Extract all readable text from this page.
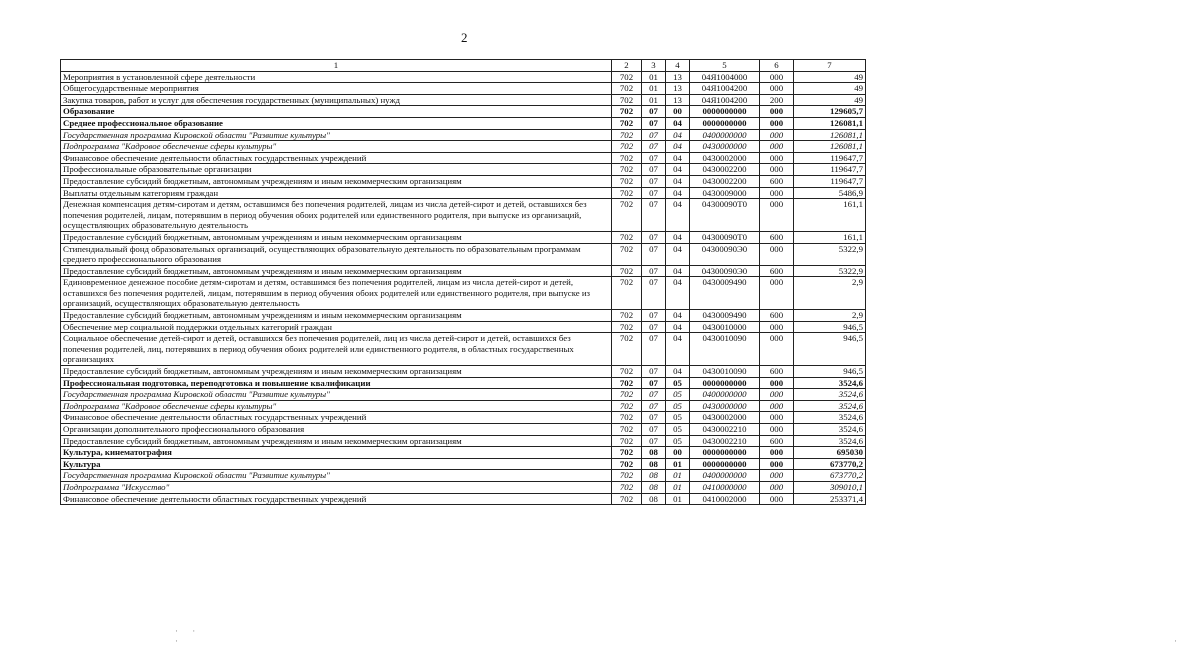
2
1	2	3	4	5	6	7
Мероприятия в установленной сфере деятельности	702	01	13	04Я1004000	000	49
Общегосударственные мероприятия	702	01	13	04Я1004200	000	49
Закупка товаров, работ и услуг для обеспечения государственных (муниципальных) нужд	702	01	13	04Я1004200	200	49
Образование	702	07	00	0000000000	000	129605,7
Среднее профессиональное образование	702	07	04	0000000000	000	126081,1
Государственная программа Кировской области "Развитие культуры"	702	07	04	0400000000	000	126081,1
Подпрограмма "Кадровое обеспечение сферы культуры"	702	07	04	0430000000	000	126081,1
Финансовое обеспечение деятельности областных государственных учреждений	702	07	04	0430002000	000	119647,7
Профессиональные образовательные организации	702	07	04	0430002200	000	119647,7
Предоставление субсидий бюджетным, автономным учреждениям и иным некоммерческим организациям	702	07	04	0430002200	600	119647,7
Выплаты отдельным категориям граждан	702	07	04	0430009000	000	5486,9
Денежная компенсация детям-сиротам и детям, оставшимся без попечения родителей, лицам из числа детей-сирот и детей, оставшихся без попечения родителей, лицам, потерявшим в период обучения обоих родителей или единственного родителя, при выпуске из организаций, осуществляющих образовательную деятельность	702	07	04	04300090Т0	000	161,1
Предоставление субсидий бюджетным, автономным учреждениям и иным некоммерческим организациям	702	07	04	04300090Т0	600	161,1
Стипендиальный фонд образовательных организаций, осуществляющих образовательную деятельность по образовательным программам среднего профессионального образования	702	07	04	04300090Э0	000	5322,9
Предоставление субсидий бюджетным, автономным учреждениям и иным некоммерческим организациям	702	07	04	04300090Э0	600	5322,9
Единовременное денежное пособие детям-сиротам и детям, оставшимся без попечения родителей, лицам из числа детей-сирот и детей, оставшихся без попечения родителей, лицам, потерявшим в период обучения обоих родителей или единственного родителя, при выпуске из организаций, осуществляющих образовательную деятельность	702	07	04	0430009490	000	2,9
Предоставление субсидий бюджетным, автономным учреждениям и иным некоммерческим организациям	702	07	04	0430009490	600	2,9
Обеспечение мер социальной поддержки отдельных категорий граждан	702	07	04	0430010000	000	946,5
Социальное обеспечение детей-сирот и детей, оставшихся без попечения родителей, лиц из числа детей-сирот и детей, оставшихся без попечения родителей, лиц, потерявших в период обучения обоих родителей или единственного родителя, в областных государственных организациях	702	07	04	0430010090	000	946,5
Предоставление субсидий бюджетным, автономным учреждениям и иным некоммерческим организациям	702	07	04	0430010090	600	946,5
Профессиональная подготовка, переподготовка и повышение квалификации	702	07	05	0000000000	000	3524,6
Государственная программа Кировской области "Развитие культуры"	702	07	05	0400000000	000	3524,6
Подпрограмма "Кадровое обеспечение сферы культуры"	702	07	05	0430000000	000	3524,6
Финансовое обеспечение деятельности областных государственных учреждений	702	07	05	0430002000	000	3524,6
Организации дополнительного профессионального образования	702	07	05	0430002210	000	3524,6
Предоставление субсидий бюджетным, автономным учреждениям и иным некоммерческим организациям	702	07	05	0430002210	600	3524,6
Культура, кинематография	702	08	00	0000000000	000	695030
Культура	702	08	01	0000000000	000	673770,2
Государственная программа Кировской области "Развитие культуры"	702	08	01	0400000000	000	673770,2
Подпрограмма "Искусство"	702	08	01	0410000000	000	309010,1
Финансовое обеспечение деятельности областных государственных учреждений	702	08	01	0410002000	000	253371,4
· · ·                                                                                                                        ·
